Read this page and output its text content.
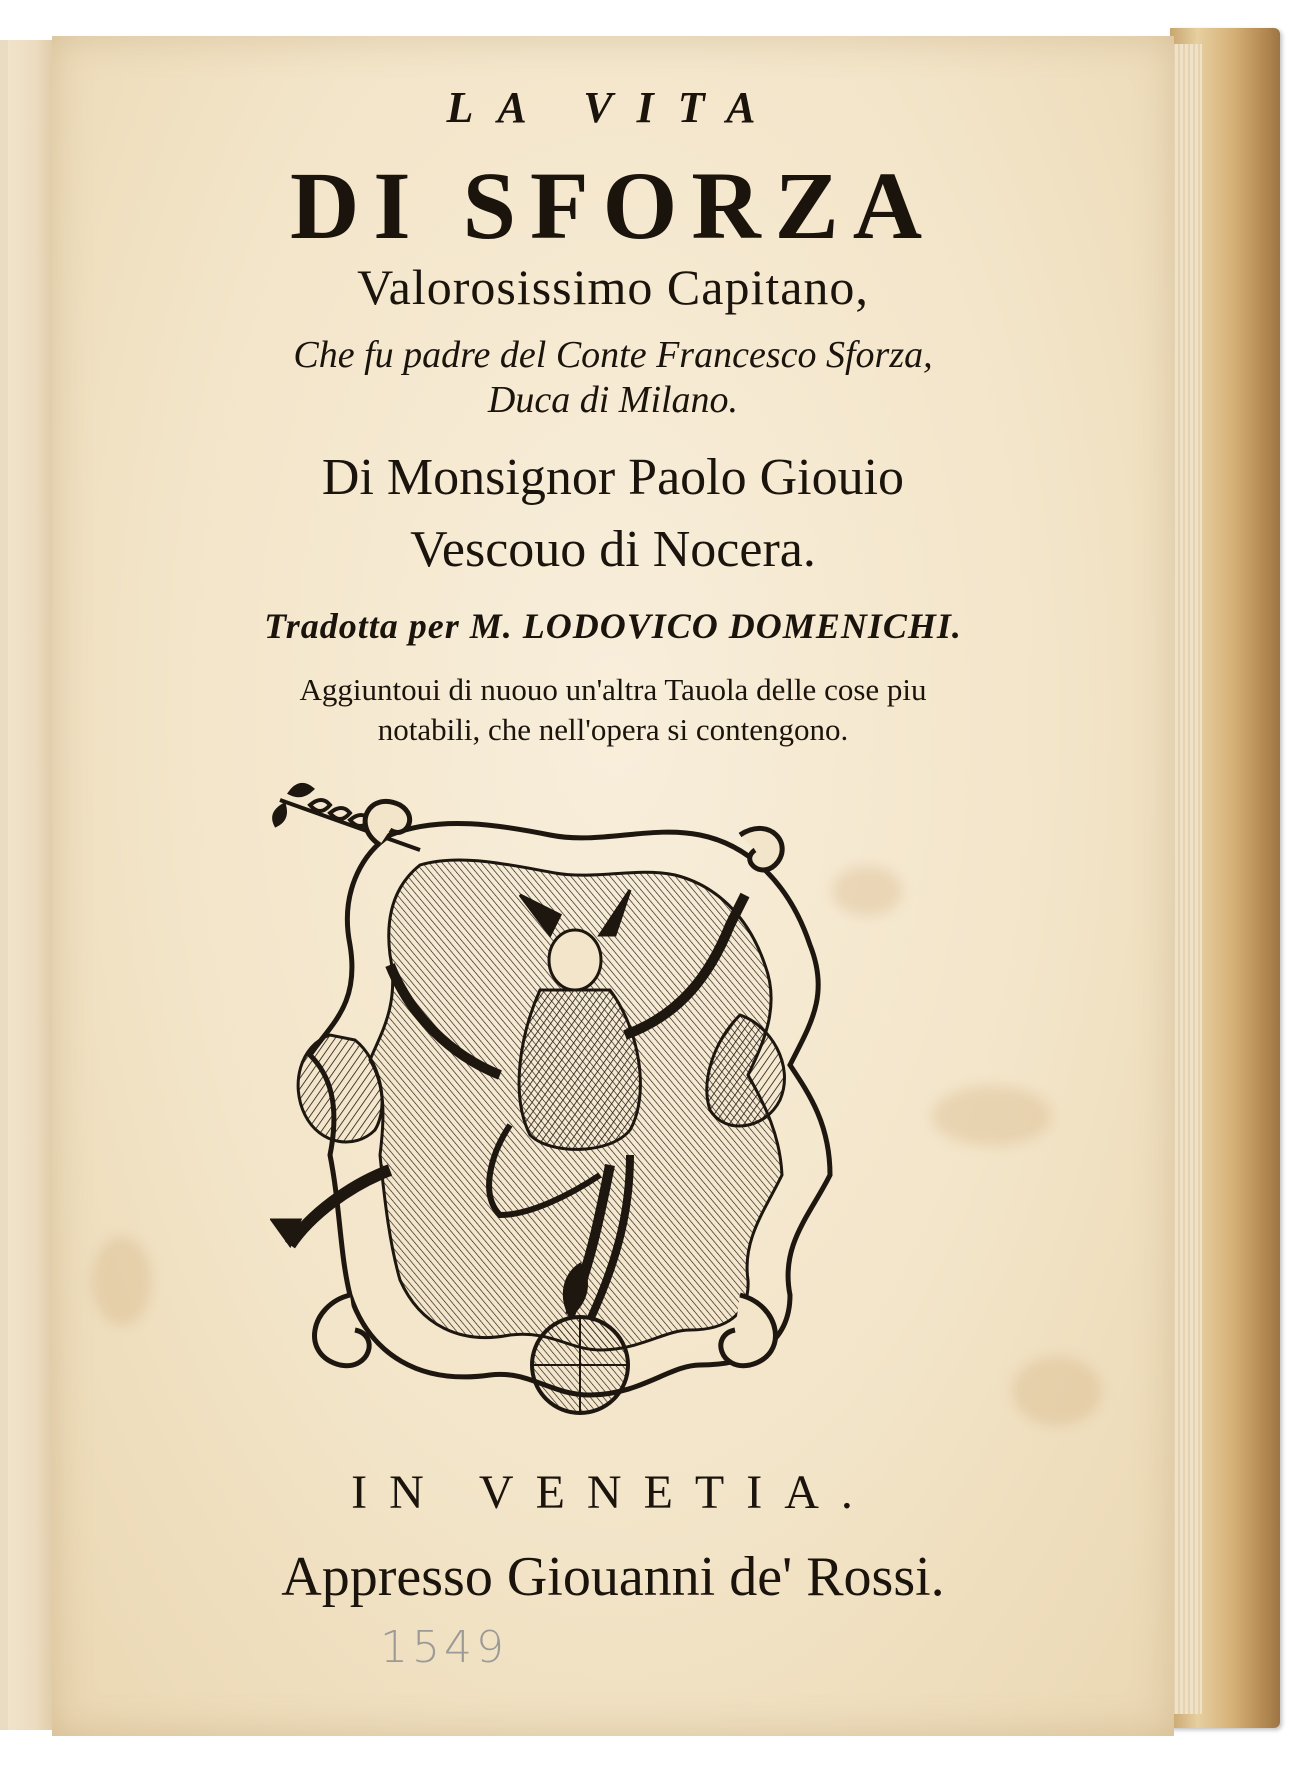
LA VITA
DI SFORZA
Valorosissimo Capitano,
Che fu padre del Conte Francesco Sforza,
Duca di Milano.
Di Monsignor Paolo Giouio
Vescouo di Nocera.
Tradotta per M. LODOVICO DOMENICHI.
Aggiuntoui di nuouo un'altra Tauola delle cose piu
notabili, che nell'opera si contengono.
IN VENETIA.
Appresso Giouanni de' Rossi.
1549
